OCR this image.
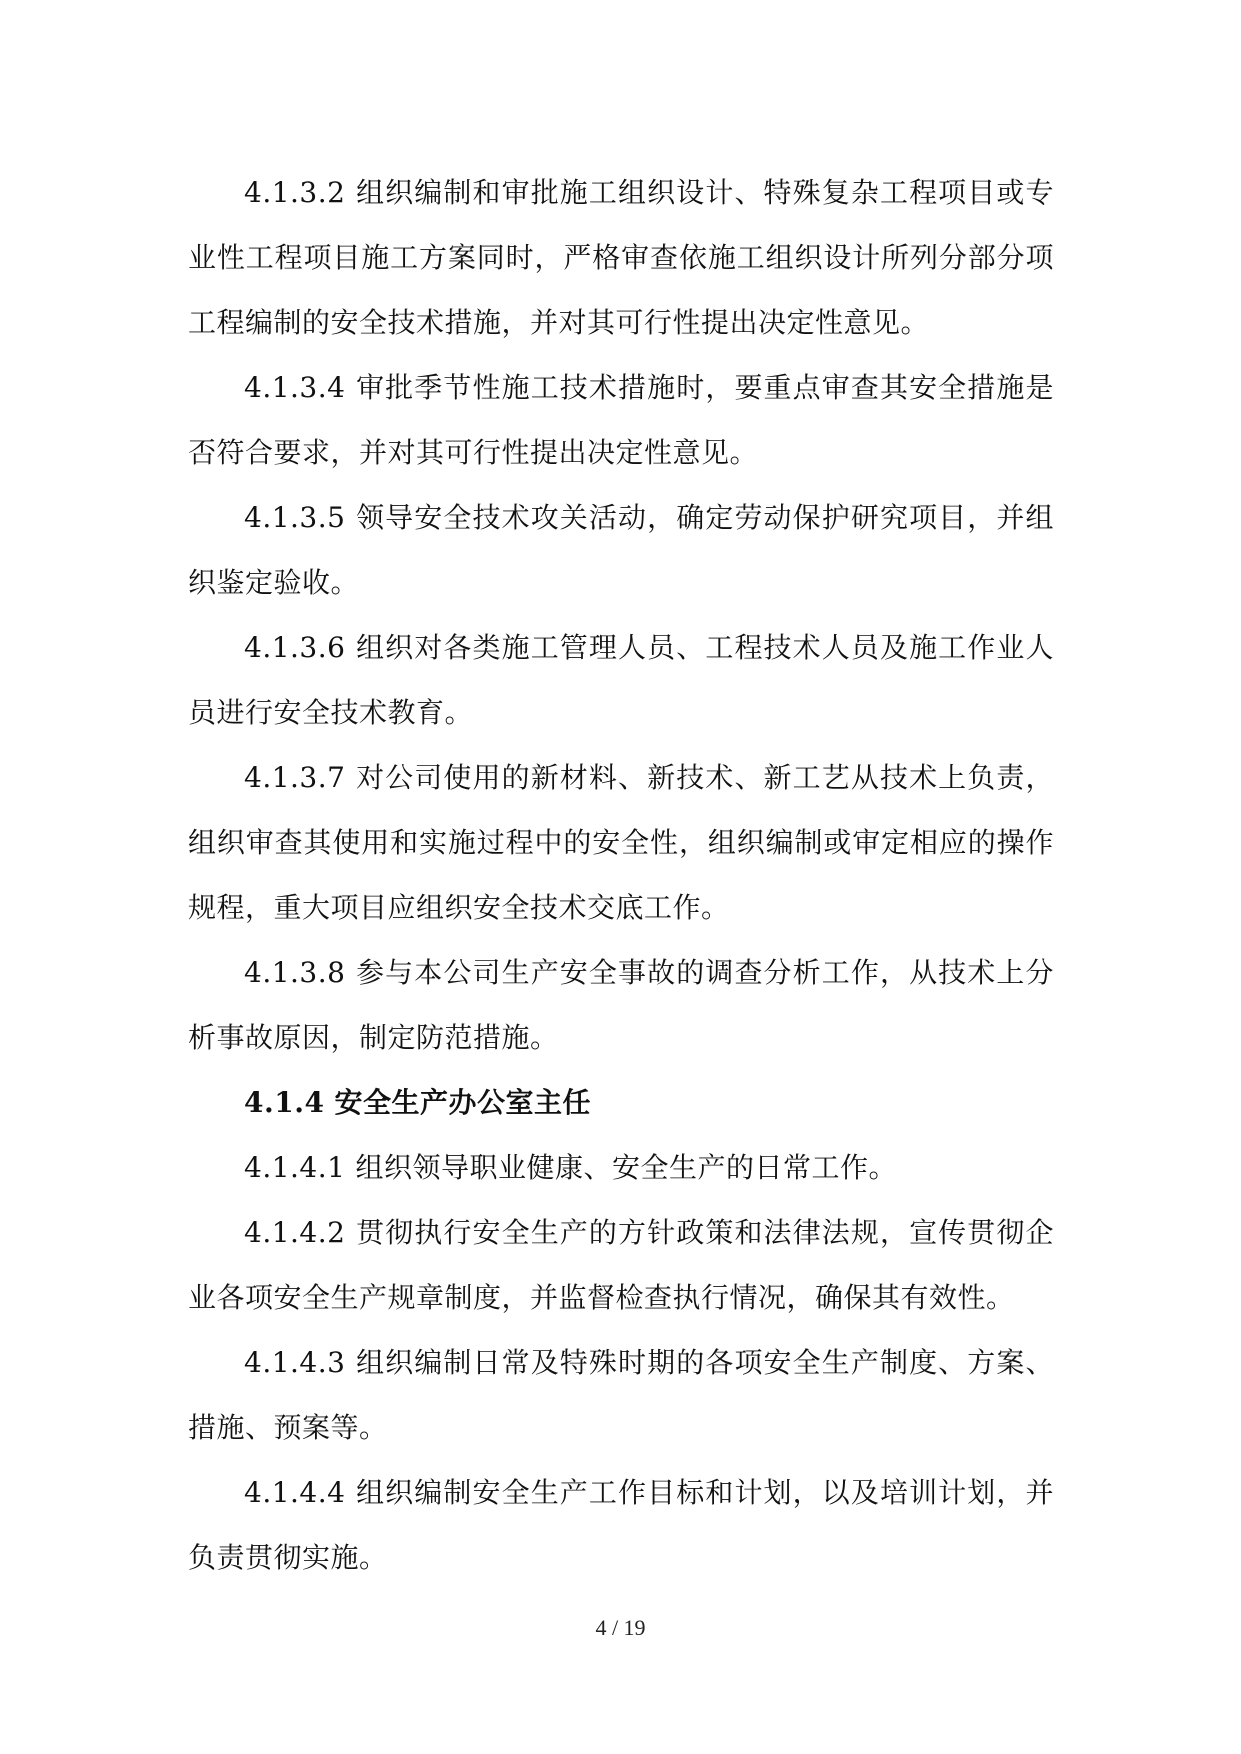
4.1.3.2 组织编制和审批施工组织设计、特殊复杂工程项目或专业性工程项目施工方案同时，严格审查依施工组织设计所列分部分项工程编制的安全技术措施，并对其可行性提出决定性意见。

4.1.3.4 审批季节性施工技术措施时，要重点审查其安全措施是否符合要求，并对其可行性提出决定性意见。

4.1.3.5 领导安全技术攻关活动，确定劳动保护研究项目，并组织鉴定验收。

4.1.3.6 组织对各类施工管理人员、工程技术人员及施工作业人员进行安全技术教育。

4.1.3.7 对公司使用的新材料、新技术、新工艺从技术上负责，组织审查其使用和实施过程中的安全性，组织编制或审定相应的操作规程，重大项目应组织安全技术交底工作。

4.1.3.8 参与本公司生产安全事故的调查分析工作，从技术上分析事故原因，制定防范措施。

4.1.4 安全生产办公室主任

4.1.4.1 组织领导职业健康、安全生产的日常工作。

4.1.4.2 贯彻执行安全生产的方针政策和法律法规，宣传贯彻企业各项安全生产规章制度，并监督检查执行情况，确保其有效性。

4.1.4.3 组织编制日常及特殊时期的各项安全生产制度、方案、措施、预案等。

4.1.4.4 组织编制安全生产工作目标和计划，以及培训计划，并负责贯彻实施。

4 / 19
